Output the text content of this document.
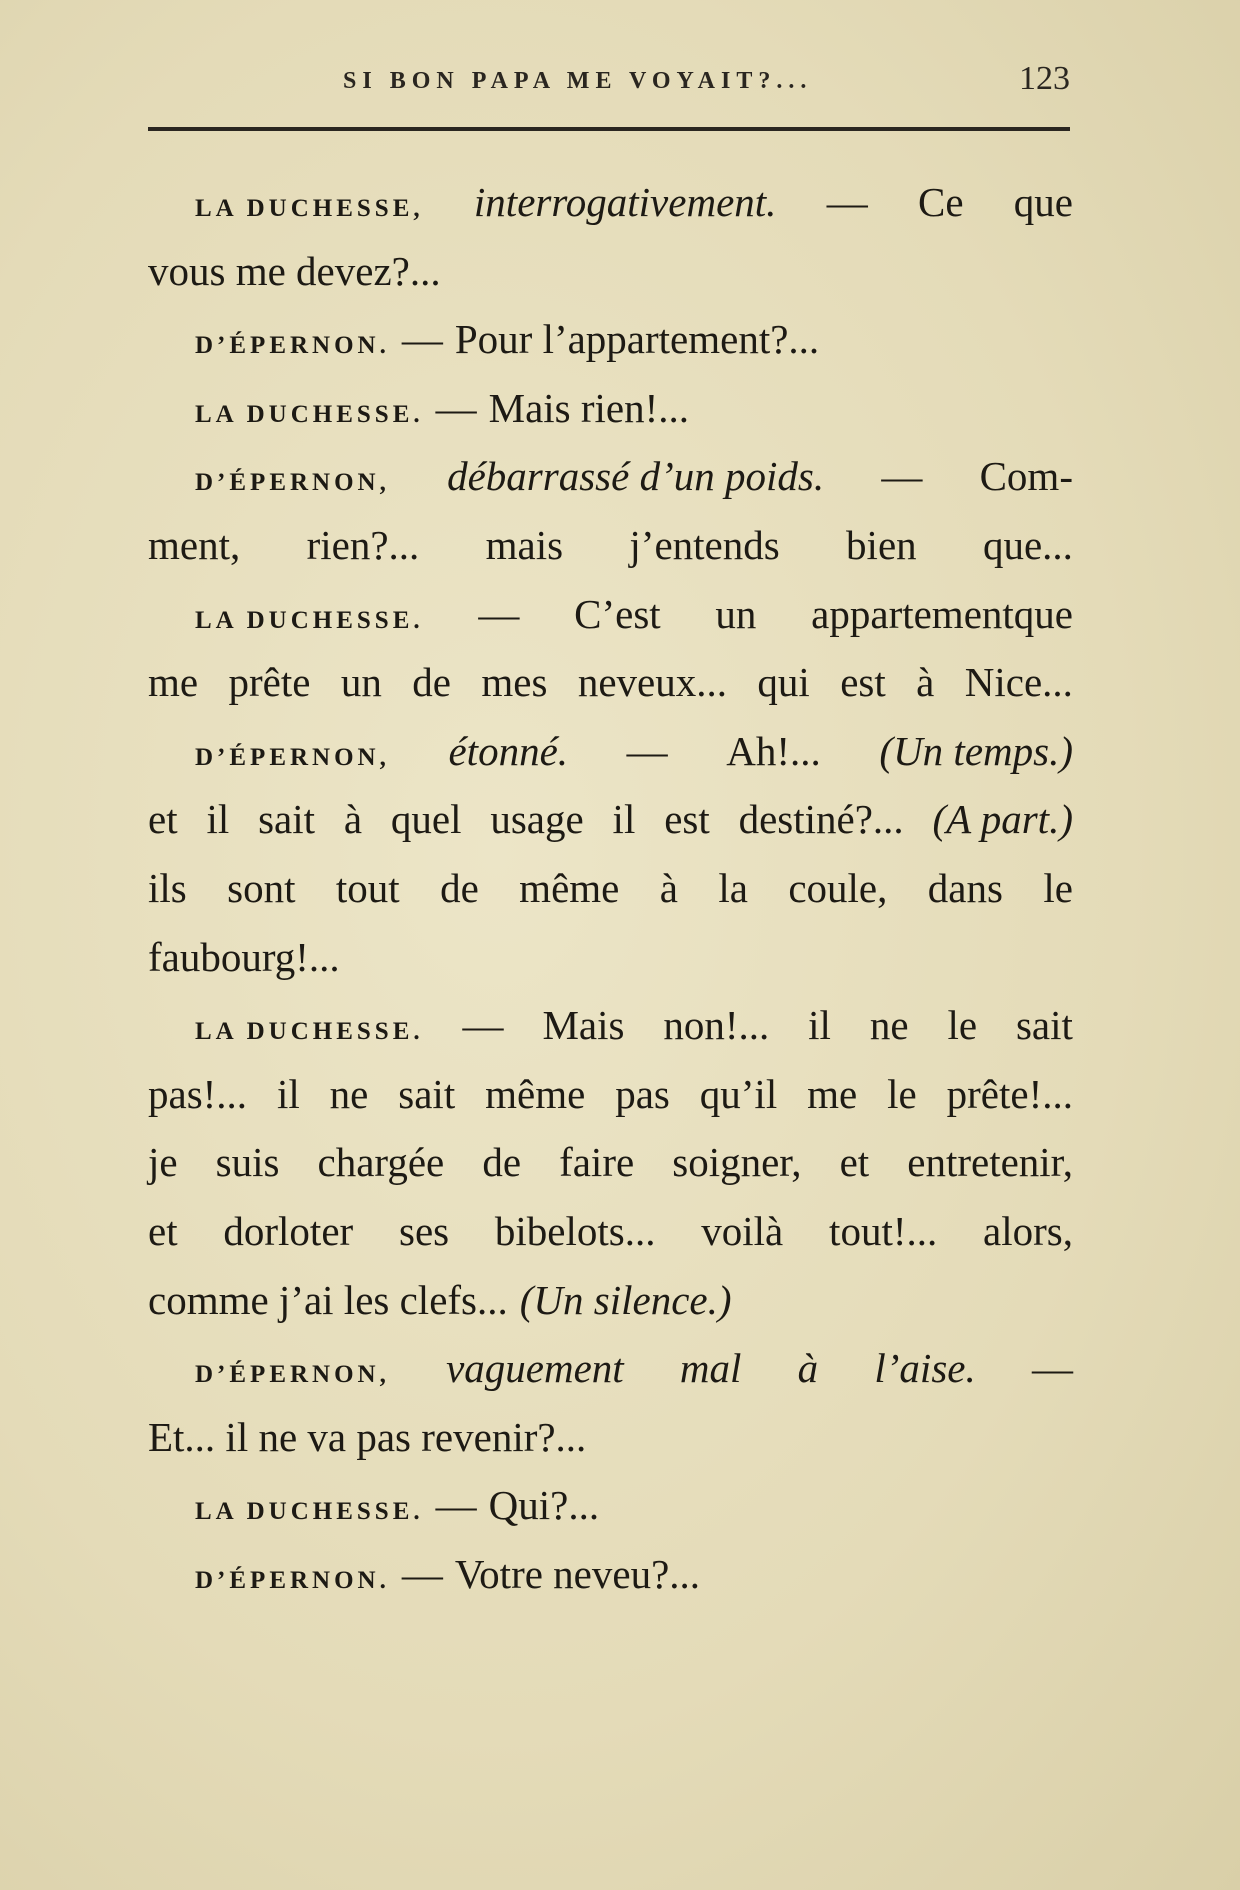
SI BON PAPA ME VOYAIT?...	123
LA DUCHESSE, interrogativement. — Ce que
vous me devez?...
D’ÉPERNON. — Pour l’appartement?...
LA DUCHESSE. — Mais rien!...
D’ÉPERNON, débarrassé d’un poids. — Com-
ment, rien?... mais j’entends bien que...
LA DUCHESSE. — C’est un appartementque
me prête un de mes neveux... qui est à Nice...
D’ÉPERNON, étonné. — Ah!... (Un temps.)
et il sait à quel usage il est destiné?... (A part.)
ils sont tout de même à la coule, dans le
faubourg!...
LA DUCHESSE. — Mais non!... il ne le sait
pas!... il ne sait même pas qu’il me le prête!...
je suis chargée de faire soigner, et entretenir,
et dorloter ses bibelots... voilà tout!... alors,
comme j’ai les clefs... (Un silence.)
D’ÉPERNON, vaguement mal à l’aise. —
Et... il ne va pas revenir?...
LA DUCHESSE. — Qui?...
D’ÉPERNON. — Votre neveu?...
